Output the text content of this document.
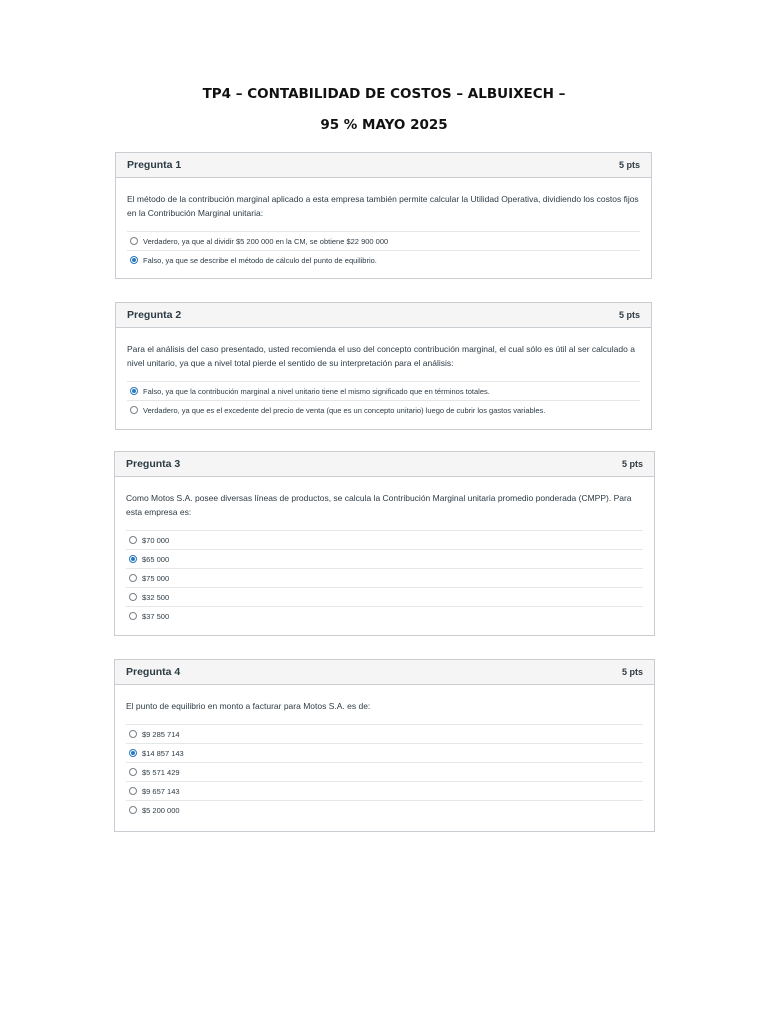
TP4 – CONTABILIDAD DE COSTOS – ALBUIXECH –
95 % MAYO 2025
Pregunta 1	5 pts

El método de la contribución marginal aplicado a esta empresa también permite calcular la Utilidad Operativa, dividiendo los costos fijos en la Contribución Marginal unitaria:

Verdadero, ya que al dividir $5 200 000 en la CM, se obtiene $22 900 000
Falso, ya que se describe el método de cálculo del punto de equilibrio.
Pregunta 2	5 pts

Para el análisis del caso presentado, usted recomienda el uso del concepto contribución marginal, el cual sólo es útil al ser calculado a nivel unitario, ya que a nivel total pierde el sentido de su interpretación para el análisis:

Falso, ya que la contribución marginal a nivel unitario tiene el mismo significado que en términos totales.
Verdadero, ya que es el excedente del precio de venta (que es un concepto unitario) luego de cubrir los gastos variables.
Pregunta 3	5 pts

Como Motos S.A. posee diversas líneas de productos, se calcula la Contribución Marginal unitaria promedio ponderada (CMPP). Para esta empresa es:

$70 000
$65 000
$75 000
$32 500
$37 500
Pregunta 4	5 pts

El punto de equilibrio en monto a facturar para Motos S.A. es de:

$9 285 714
$14 857 143
$5 571 429
$9 657 143
$5 200 000
